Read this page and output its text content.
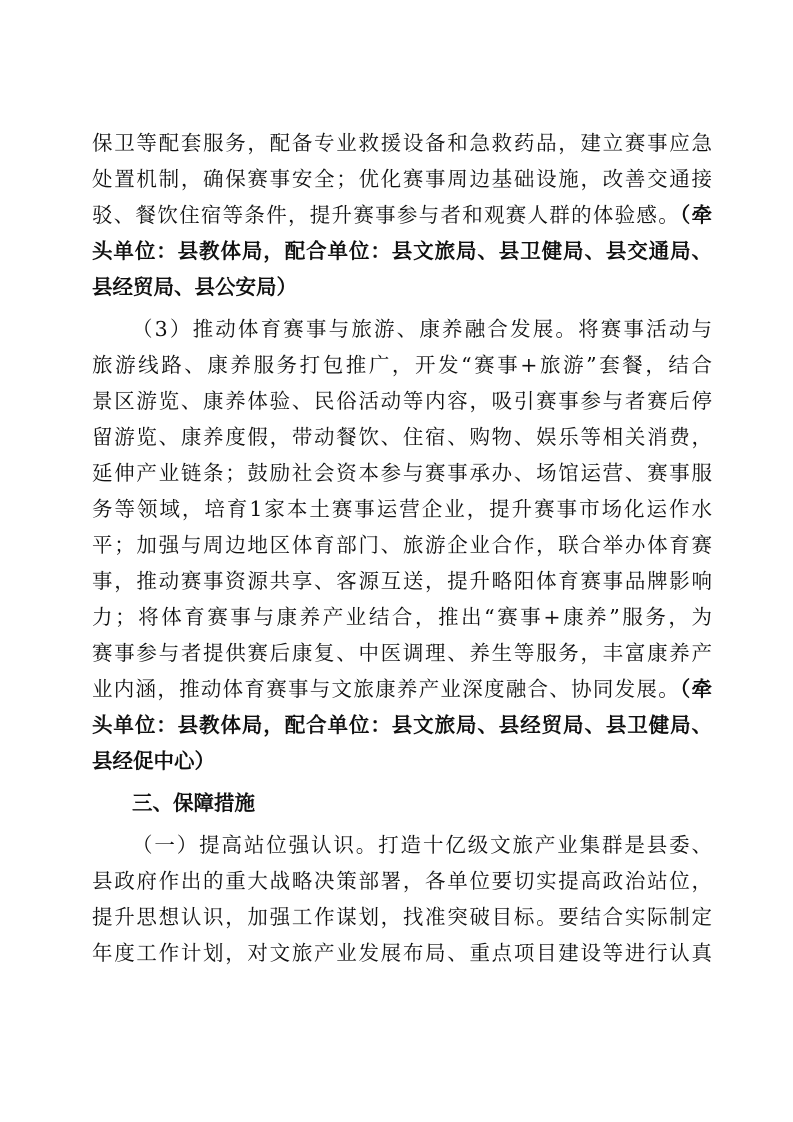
保卫等配套服务，配备专业救援设备和急救药品，建立赛事应急
处置机制，确保赛事安全；优化赛事周边基础设施，改善交通接
驳、餐饮住宿等条件，提升赛事参与者和观赛人群的体验感。（牵
头单位：县教体局，配合单位：县文旅局、县卫健局、县交通局、
县经贸局、县公安局）
（3）推动体育赛事与旅游、康养融合发展。将赛事活动与
旅游线路、康养服务打包推广，开发“赛事+旅游”套餐，结合
景区游览、康养体验、民俗活动等内容，吸引赛事参与者赛后停
留游览、康养度假，带动餐饮、住宿、购物、娱乐等相关消费，
延伸产业链条；鼓励社会资本参与赛事承办、场馆运营、赛事服
务等领域，培育1家本土赛事运营企业，提升赛事市场化运作水
平；加强与周边地区体育部门、旅游企业合作，联合举办体育赛
事，推动赛事资源共享、客源互送，提升略阳体育赛事品牌影响
力；将体育赛事与康养产业结合，推出“赛事+康养”服务，为
赛事参与者提供赛后康复、中医调理、养生等服务，丰富康养产
业内涵，推动体育赛事与文旅康养产业深度融合、协同发展。（牵
头单位：县教体局，配合单位：县文旅局、县经贸局、县卫健局、
县经促中心）
三、保障措施
（一）提高站位强认识。打造十亿级文旅产业集群是县委、
县政府作出的重大战略决策部署，各单位要切实提高政治站位，
提升思想认识，加强工作谋划，找准突破目标。要结合实际制定
年度工作计划，对文旅产业发展布局、重点项目建设等进行认真
